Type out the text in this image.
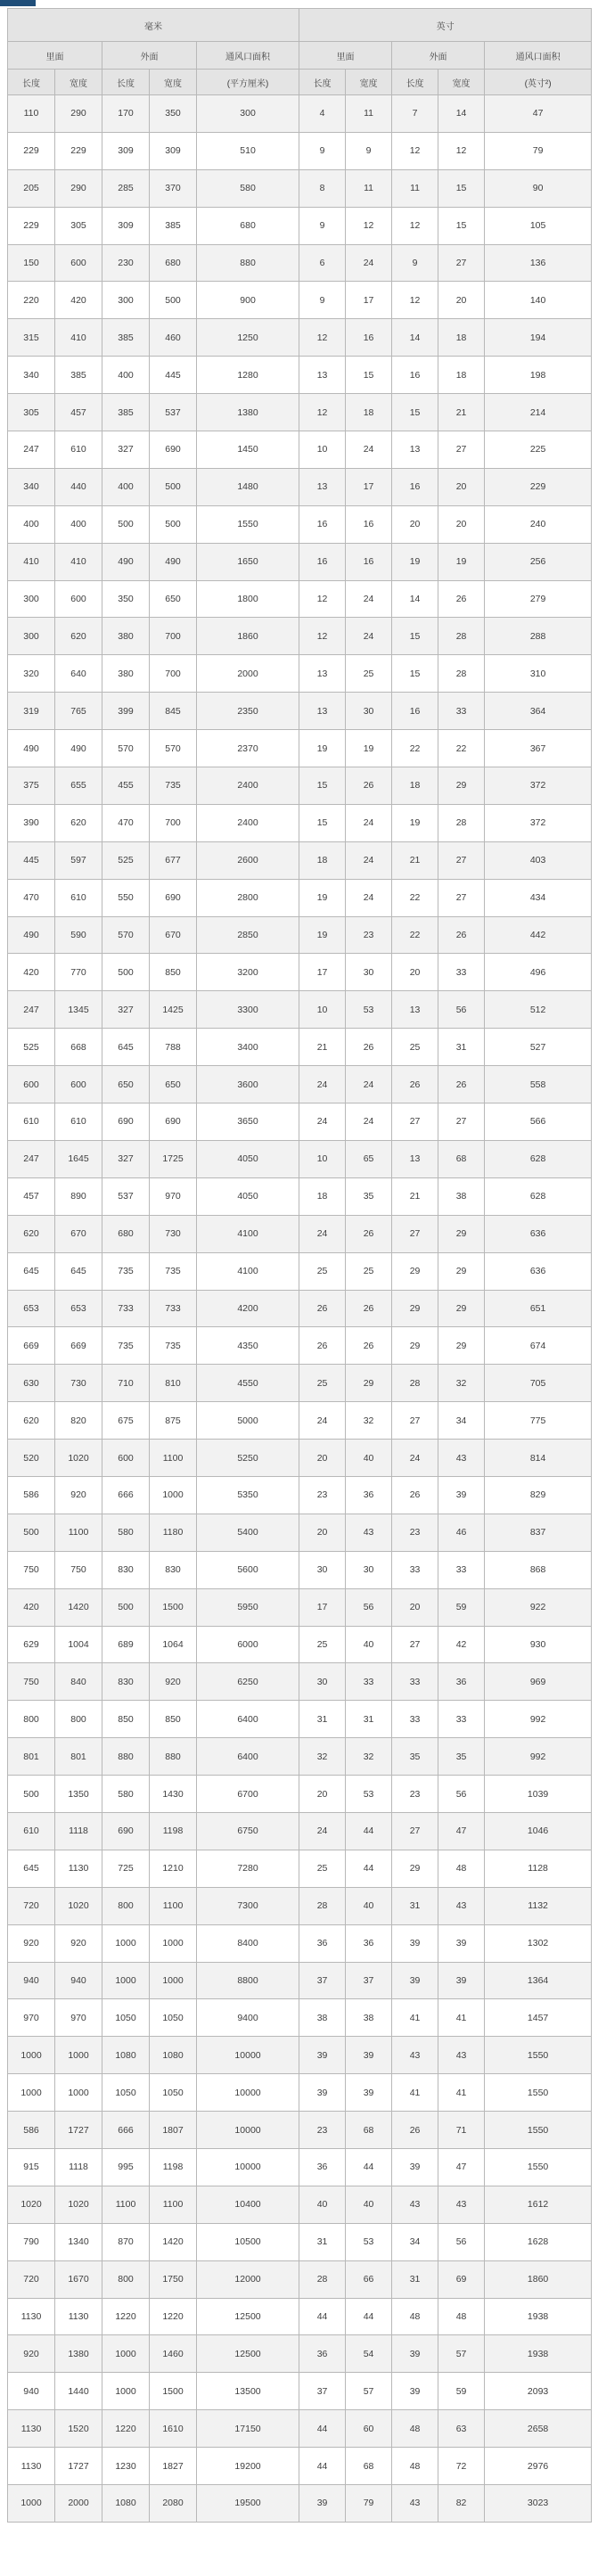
毫米					英寸				
里面		外面		通风口面积	里面		外面		通风口面积
长度	宽度	长度	宽度	(平方厘米)	长度	宽度	长度	宽度	(英寸²)
110	290	170	350	300	4	11	7	14	47
229	229	309	309	510	9	9	12	12	79
205	290	285	370	580	8	11	11	15	90
229	305	309	385	680	9	12	12	15	105
150	600	230	680	880	6	24	9	27	136
220	420	300	500	900	9	17	12	20	140
315	410	385	460	1250	12	16	14	18	194
340	385	400	445	1280	13	15	16	18	198
305	457	385	537	1380	12	18	15	21	214
247	610	327	690	1450	10	24	13	27	225
340	440	400	500	1480	13	17	16	20	229
400	400	500	500	1550	16	16	20	20	240
410	410	490	490	1650	16	16	19	19	256
300	600	350	650	1800	12	24	14	26	279
300	620	380	700	1860	12	24	15	28	288
320	640	380	700	2000	13	25	15	28	310
319	765	399	845	2350	13	30	16	33	364
490	490	570	570	2370	19	19	22	22	367
375	655	455	735	2400	15	26	18	29	372
390	620	470	700	2400	15	24	19	28	372
445	597	525	677	2600	18	24	21	27	403
470	610	550	690	2800	19	24	22	27	434
490	590	570	670	2850	19	23	22	26	442
420	770	500	850	3200	17	30	20	33	496
247	1345	327	1425	3300	10	53	13	56	512
525	668	645	788	3400	21	26	25	31	527
600	600	650	650	3600	24	24	26	26	558
610	610	690	690	3650	24	24	27	27	566
247	1645	327	1725	4050	10	65	13	68	628
457	890	537	970	4050	18	35	21	38	628
620	670	680	730	4100	24	26	27	29	636
645	645	735	735	4100	25	25	29	29	636
653	653	733	733	4200	26	26	29	29	651
669	669	735	735	4350	26	26	29	29	674
630	730	710	810	4550	25	29	28	32	705
620	820	675	875	5000	24	32	27	34	775
520	1020	600	1100	5250	20	40	24	43	814
586	920	666	1000	5350	23	36	26	39	829
500	1100	580	1180	5400	20	43	23	46	837
750	750	830	830	5600	30	30	33	33	868
420	1420	500	1500	5950	17	56	20	59	922
629	1004	689	1064	6000	25	40	27	42	930
750	840	830	920	6250	30	33	33	36	969
800	800	850	850	6400	31	31	33	33	992
801	801	880	880	6400	32	32	35	35	992
500	1350	580	1430	6700	20	53	23	56	1039
610	1118	690	1198	6750	24	44	27	47	1046
645	1130	725	1210	7280	25	44	29	48	1128
720	1020	800	1100	7300	28	40	31	43	1132
920	920	1000	1000	8400	36	36	39	39	1302
940	940	1000	1000	8800	37	37	39	39	1364
970	970	1050	1050	9400	38	38	41	41	1457
1000	1000	1080	1080	10000	39	39	43	43	1550
1000	1000	1050	1050	10000	39	39	41	41	1550
586	1727	666	1807	10000	23	68	26	71	1550
915	1118	995	1198	10000	36	44	39	47	1550
1020	1020	1100	1100	10400	40	40	43	43	1612
790	1340	870	1420	10500	31	53	34	56	1628
720	1670	800	1750	12000	28	66	31	69	1860
1130	1130	1220	1220	12500	44	44	48	48	1938
920	1380	1000	1460	12500	36	54	39	57	1938
940	1440	1000	1500	13500	37	57	39	59	2093
1130	1520	1220	1610	17150	44	60	48	63	2658
1130	1727	1230	1827	19200	44	68	48	72	2976
1000	2000	1080	2080	19500	39	79	43	82	3023
